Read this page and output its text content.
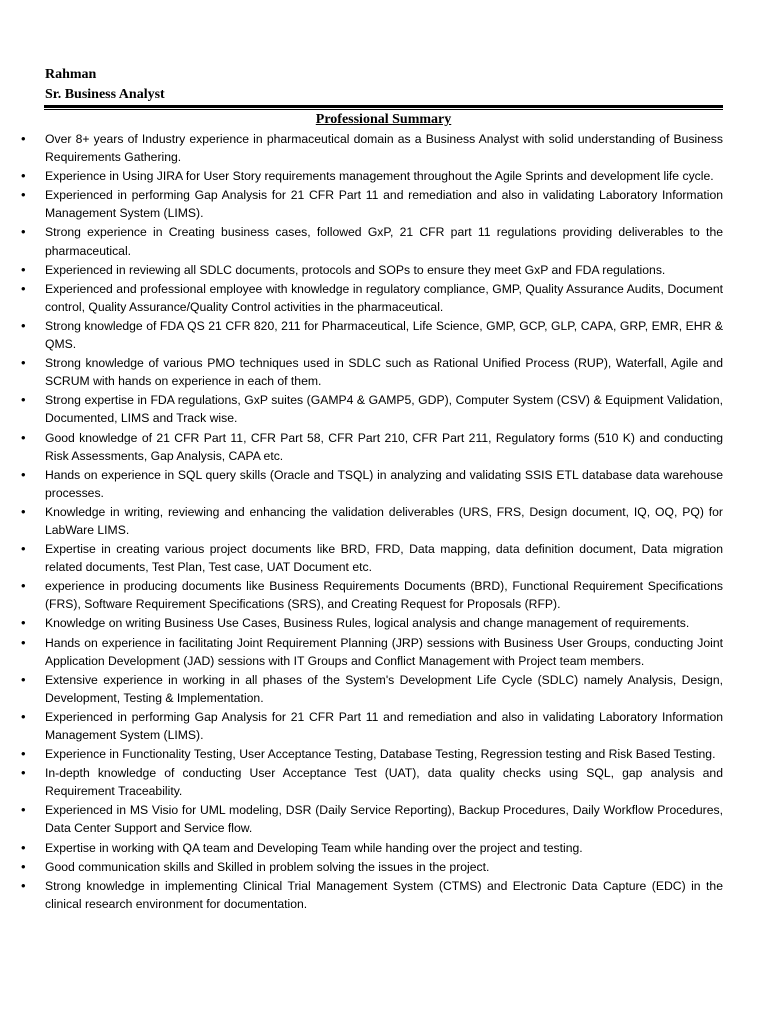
Rahman
Sr. Business Analyst
Professional Summary
•	Over 8+ years of Industry experience in pharmaceutical domain as a Business Analyst with solid understanding of Business Requirements Gathering.
•	Experience in Using JIRA for User Story requirements management throughout the Agile Sprints and development life cycle.
•	Experienced in performing Gap Analysis for 21 CFR Part 11 and remediation and also in validating Laboratory Information Management System (LIMS).
•	Strong experience in Creating business cases, followed GxP, 21 CFR part 11 regulations providing deliverables to the pharmaceutical.
•	Experienced in reviewing all SDLC documents, protocols and SOPs to ensure they meet GxP and FDA regulations.
•	Experienced and professional employee with knowledge in regulatory compliance, GMP, Quality Assurance Audits, Document control, Quality Assurance/Quality Control activities in the pharmaceutical.
•	Strong knowledge of FDA QS 21 CFR 820, 211 for Pharmaceutical, Life Science, GMP, GCP, GLP, CAPA, GRP, EMR, EHR & QMS.
•	Strong knowledge of various PMO techniques used in SDLC such as Rational Unified Process (RUP), Waterfall, Agile and SCRUM with hands on experience in each of them.
•	Strong expertise in FDA regulations, GxP suites (GAMP4 & GAMP5, GDP), Computer System (CSV) & Equipment Validation, Documented, LIMS and Track wise.
•	Good knowledge of 21 CFR Part 11, CFR Part 58, CFR Part 210, CFR Part 211, Regulatory forms (510 K) and conducting Risk Assessments, Gap Analysis, CAPA etc.
•	Hands on experience in SQL query skills (Oracle and TSQL) in analyzing and validating SSIS ETL database data warehouse processes.
•	Knowledge in writing, reviewing and enhancing the validation deliverables (URS, FRS, Design document, IQ, OQ, PQ) for LabWare LIMS.
•	Expertise in creating various project documents like BRD, FRD, Data mapping, data definition document, Data migration related documents, Test Plan, Test case, UAT Document etc.
•	experience in producing documents like Business Requirements Documents (BRD), Functional Requirement Specifications (FRS), Software Requirement Specifications (SRS), and Creating Request for Proposals (RFP).
•	Knowledge on writing Business Use Cases, Business Rules, logical analysis and change management of requirements.
•	Hands on experience in facilitating Joint Requirement Planning (JRP) sessions with Business User Groups, conducting Joint Application Development (JAD) sessions with IT Groups and Conflict Management with Project team members.
•	Extensive experience in working in all phases of the System's Development Life Cycle (SDLC) namely Analysis, Design, Development, Testing & Implementation.
•	Experienced in performing Gap Analysis for 21 CFR Part 11 and remediation and also in validating Laboratory Information Management System (LIMS).
•	Experience in Functionality Testing, User Acceptance Testing, Database Testing, Regression testing and Risk Based Testing.
•	In-depth knowledge of conducting User Acceptance Test (UAT), data quality checks using SQL, gap analysis and Requirement Traceability.
•	Experienced in MS Visio for UML modeling, DSR (Daily Service Reporting), Backup Procedures, Daily Workflow Procedures, Data Center Support and Service flow.
•	Expertise in working with QA team and Developing Team while handing over the project and testing.
•	Good communication skills and Skilled in problem solving the issues in the project.
•	Strong knowledge in implementing Clinical Trial Management System (CTMS) and Electronic Data Capture (EDC) in the clinical research environment for documentation.
